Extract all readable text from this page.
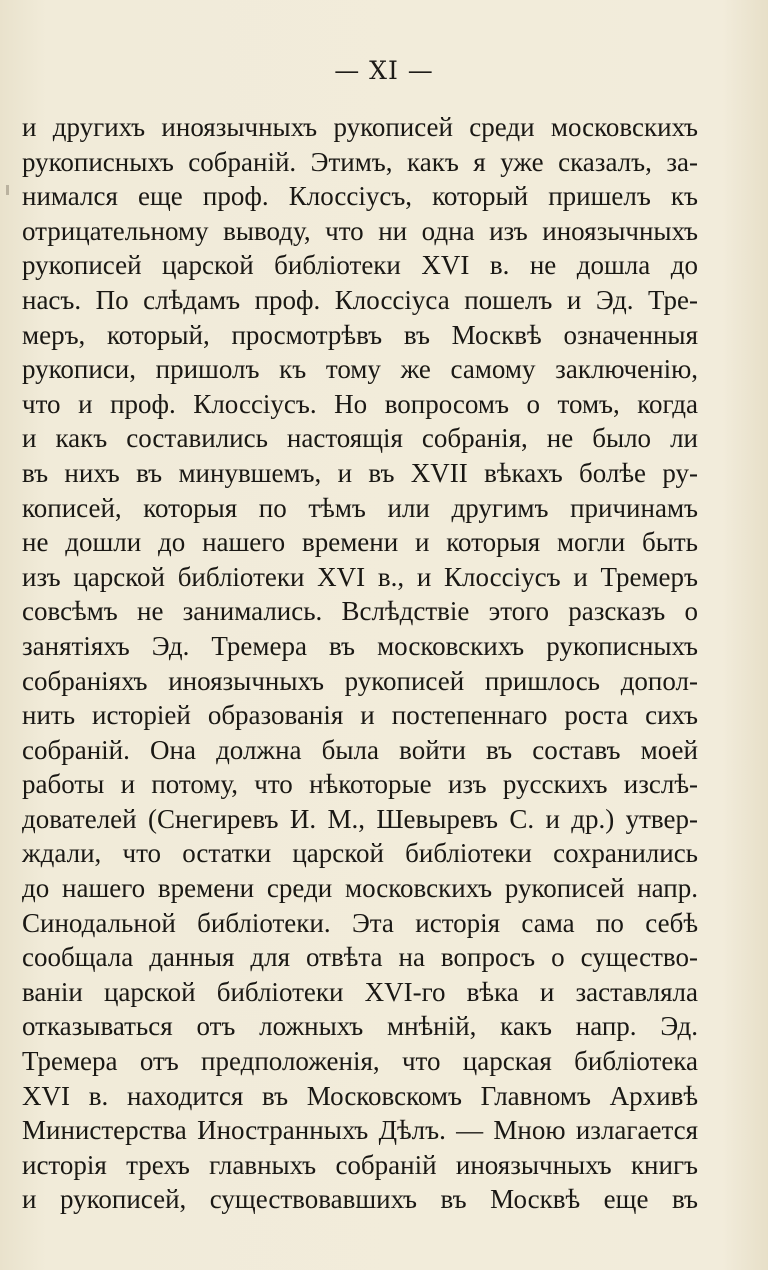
— XI —
и другихъ иноязычныхъ рукописей среди московскихъ
рукописныхъ собраній. Этимъ, какъ я уже сказалъ, за-
нимался еще проф. Клоссіусъ, который пришелъ къ
отрицательному выводу, что ни одна изъ иноязычныхъ
рукописей царской библіотеки XVI в. не дошла до
насъ. По слѣдамъ проф. Клоссіуса пошелъ и Эд. Тре-
меръ, который, просмотрѣвъ въ Москвѣ означенныя
рукописи, пришолъ къ тому же самому заключенію,
что и проф. Клоссіусъ. Но вопросомъ о томъ, когда
и какъ составились настоящія собранія, не было ли
въ нихъ въ минувшемъ, и въ XVII вѣкахъ болѣе ру-
кописей, которыя по тѣмъ или другимъ причинамъ
не дошли до нашего времени и которыя могли быть
изъ царской библіотеки XVI в., и Клоссіусъ и Тремеръ
совсѣмъ не занимались. Вслѣдствіе этого разсказъ о
занятіяхъ Эд. Тремера въ московскихъ рукописныхъ
собраніяхъ иноязычныхъ рукописей пришлось допол-
нить исторіей образованія и постепеннаго роста сихъ
собраній. Она должна была войти въ составъ моей
работы и потому, что нѣкоторые изъ русскихъ изслѣ-
дователей (Снегиревъ И. М., Шевыревъ С. и др.) утвер-
ждали, что остатки царской библіотеки сохранились
до нашего времени среди московскихъ рукописей напр.
Синодальной библіотеки. Эта исторія сама по себѣ
сообщала данныя для отвѣта на вопросъ о существо-
ваніи царской библіотеки XVI-го вѣка и заставляла
отказываться отъ ложныхъ мнѣній, какъ напр. Эд.
Тремера отъ предположенія, что царская библіотека
XVI в. находится въ Московскомъ Главномъ Архивѣ
Министерства Иностранныхъ Дѣлъ. — Мною излагается
исторія трехъ главныхъ собраній иноязычныхъ книгъ
и рукописей, существовавшихъ въ Москвѣ еще въ
